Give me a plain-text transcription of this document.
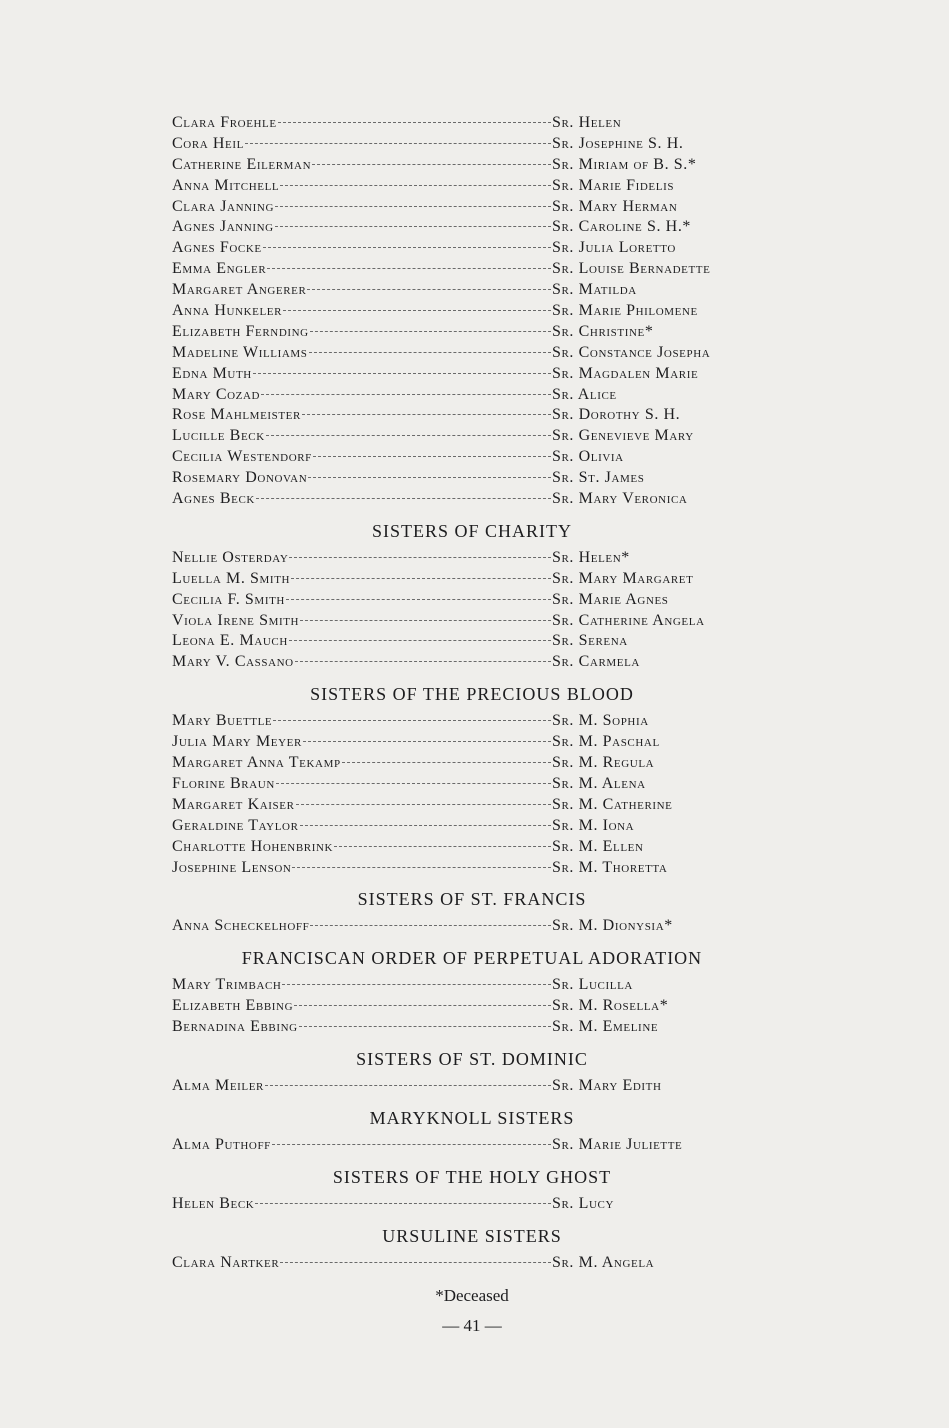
Clara Froehle	Sr. Helen
Cora Heil	Sr. Josephine S. H.
Catherine Eilerman	Sr. Miriam of B. S.*
Anna Mitchell	Sr. Marie Fidelis
Clara Janning	Sr. Mary Herman
Agnes Janning	Sr. Caroline S. H.*
Agnes Focke	Sr. Julia Loretto
Emma Engler	Sr. Louise Bernadette
Margaret Angerer	Sr. Matilda
Anna Hunkeler	Sr. Marie Philomene
Elizabeth Fernding	Sr. Christine*
Madeline Williams	Sr. Constance Josepha
Edna Muth	Sr. Magdalen Marie
Mary Cozad	Sr. Alice
Rose Mahlmeister	Sr. Dorothy S. H.
Lucille Beck	Sr. Genevieve Mary
Cecilia Westendorf	Sr. Olivia
Rosemary Donovan	Sr. St. James
Agnes Beck	Sr. Mary Veronica
SISTERS OF CHARITY
Nellie Osterday	Sr. Helen*
Luella M. Smith	Sr. Mary Margaret
Cecilia F. Smith	Sr. Marie Agnes
Viola Irene Smith	Sr. Catherine Angela
Leona E. Mauch	Sr. Serena
Mary V. Cassano	Sr. Carmela
SISTERS OF THE PRECIOUS BLOOD
Mary Buettle	Sr. M. Sophia
Julia Mary Meyer	Sr. M. Paschal
Margaret Anna Tekamp	Sr. M. Regula
Florine Braun	Sr. M. Alena
Margaret Kaiser	Sr. M. Catherine
Geraldine Taylor	Sr. M. Iona
Charlotte Hohenbrink	Sr. M. Ellen
Josephine Lenson	Sr. M. Thoretta
SISTERS OF ST. FRANCIS
Anna Scheckelhoff	Sr. M. Dionysia*
FRANCISCAN ORDER OF PERPETUAL ADORATION
Mary Trimbach	Sr. Lucilla
Elizabeth Ebbing	Sr. M. Rosella*
Bernadina Ebbing	Sr. M. Emeline
SISTERS OF ST. DOMINIC
Alma Meiler	Sr. Mary Edith
MARYKNOLL SISTERS
Alma Puthoff	Sr. Marie Juliette
SISTERS OF THE HOLY GHOST
Helen Beck	Sr. Lucy
URSULINE SISTERS
Clara Nartker	Sr. M. Angela
*Deceased
— 41 —
